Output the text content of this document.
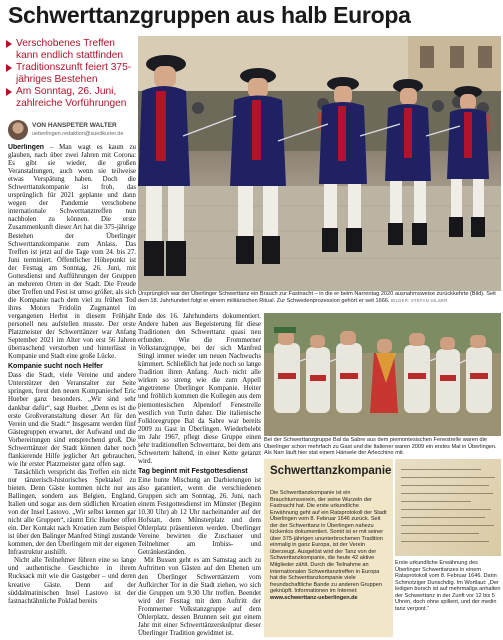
Schwerttanzgruppen aus halb Europa
Verschobenes Treffen kann endlich stattfinden
Traditionszunft feiert 375-jähriges Bestehen
Am Sonntag, 26. Juni, zahlreiche Vorführungen
VON HANSPETER WALTER
ueberlingen.redaktion@suedkurier.de

Überlingen – Man wagt es kaum zu glauben, nach über zwei Jahren mit Corona: Es gibt sie wieder, die großen Veranstaltungen, auch wenn sie teilweise etwas Verspätung haben. Doch die Schwerttanzkompanie ist froh, das ursprünglich für 2021 geplante und dann wegen der Pandemie verschobene internationale Schwerttanztreffen nun nachholen zu können. Die erste Zusammenkunft dieser Art hat die 375-jährige Bestehen der Überlinger Schwerttanzkompanie zum Anlass. Das Treffen ist jetzt auf die Tage vom 24. bis 27. Juni terminiert. Öffentlicher Höhepunkt ist der Festtag am Sonntag, 26. Juni, mit Gottesdienst und Aufführungen der Gruppen an mehreren Orten in der Stadt. Die Freude über Treffen und Fest ist umso größer, als sich die Kompanie nach dem viel zu frühen Tod ihres Motors Fridolin Zugmantel im vergangenen Herbst in diesem Frühjahr personell neu aufstellen musste. Der erste Platzmeister der Schwerttänzer war Anfang September 2021 im Alter von erst 56 Jahren überraschend verstorben und hinterlässt in Kompanie und Stadt eine große Lücke.

Kompanie sucht noch Helfer

Dass die Stadt, viele Vereine und andere Unterstützer den Veranstalter zur Seite springen, freut den neuen Kompaniechef Eric Hueber ganz besonders. „Wir sind sehr dankbar dafür“, sagt Hueber. „Denn es ist die erste Großveranstaltung dieser Art für den Verein und die Stadt.“ Insgesamt werden fünf Gästegruppen erwartet, der Aufwand und die Vorbereitungen sind entsprechend groß. Die Schwerttänzer der Stadt können daher noch flankierende Hilfe jeglicher Art gebrauchen, wie ihr erster Platzmeister ganz offen sagt.

Tatsächlich verspricht das Treffen ein nicht nur tänzerisch-historisches Spektakel zu bieten. Denn Gäste kommen nicht nur aus Ballingen, sondern aus Belgien, England, Italien und sogar aus dem südlichen Kroatien von der Insel Lastovo. „Wir selbst kennen gar nicht alle Gruppen“, räumt Eric Hueber offen ein. Der Kontakt nach Kroatien zum Beispiel ist über den Balinger Manfred Stingl zustande kommen, der den Überlingern mit der eigenen Infrastruktur aushilft.

Nicht alle Teilnehmer führen eine so lange und authentische Geschichte in ihrem Rucksack mit wie die Gastgeber – und deren kreative Gäste. Denn auf der süddalmatinischen Insel Lastovo ist der fastnachtähnliche Poklad bereits

Ursprünglich war der Überlinger Schwerttanz ein Brauch zur Fastnacht – in die er beim Narrentag 2020 ausnahmsweise zurückkehrte (Bild). Seit dem 18. Jahrhundert folgt er einem militärischen Ritual. Zur Schwedenprozession gehört er seit 1666. BILDER: STEFAN HILSER

Ende des 16. Jahrhunderts dokumentiert. Andere haben aus Begeisterung für diese Traditionen den Schwerttanz quasi neu erfunden. Wie die Frommerner Volkstanzgruppe, bei der sich Manfred Stingl immer wieder um neuen Nachwuchs kümmert. Schließlich hat jede noch so lange Tradition ihren Anfang. Auch nicht alle wirken so streng wie die zum Appell angetretene Überlinger Kompanie. Heiter und fröhlich kommen die Kollegen aus dem piemontesischen Alpendorf Fenestrelle westlich von Turin daher. Die italienische Folkloregruppe Bal da Sabre war bereits 2009 zu Gast in Überlingen. Wiederbelebt im Jahr 1967, pflegt diese Gruppe einen sehr traditionellen Schwerttanz, bei dem ans Schwertern haltend, in einer Kette getanzt wird.

Tag beginnt mit Festgottesdienst

Eine bunte Mischung an Darbietungen ist also garantiert, wenn die verschiedenen Gruppen sich am Sonntag, 26. Juni, nach einem Festgottesdienst im Münster (Beginn 10.30 Uhr) ab 12 Uhr nacheinander auf der Hofstatt, dem Münsterplatz und dem Öhlerplatz präsentieren werden. Überlinger Vereine bewirten die Zuschauer und Teilnehmer am Imbiss- und Getränkeständen.

Mit Bussen geht es am Samstag auch zu Auftritten von Gästen auf den Ebenen um den Überlinger Schwerttänzern vom Aufkircher Tor in die Stadt ziehen, wo sich die Gruppen um 9.30 Uhr treffen. Beendet wird der Festtag mit dem Auftritt der Frommerner Volkstanzgruppe auf dem Öhlerplatz, dessen Brunnen seit gut einem Jahr mit einer Schwerttänzerskulptur dieser Überlinger Tradition gewidmet ist.

Bei der Schwerttanzgruppe Bal da Sabre aus dem piemontesischen Fenestrelle waren die Überlinger schon mehrfach zu Gast und die Italiener waren 2009 ein erstes Mal in Überlingen. Als Narr läuft hier stat einem Hänsele der Arlecchino mit.
Schwerttanzkompanie
Die Schwerttanzkompanie ist ein Brauchtumsverein, der seine Wurzeln der Fastnacht hat. Die erste urkundliche Erwähnung geht auf ein Ratsprotokoll der Stadt Überlingen vom 8. Februar 1646 zurück. Seit der der Schwerttanz in Überlingen nahezu lückenlos dokumentiert. Somit ist er mit seiner über 375-jährigen ununterbrochenen Tradition einmalig in ganz Europa, ist der Verein überzeugt. Ausgelöst wird der Tanz von der Schwerttanzkompanie, die heute 42 aktive Mitglieder zählt. Durch die Teilnahme an internationalen Schwerttanztreffen in Europa hat die Schwerttanzkompanie viele freundschaftliche Bande zu anderen Gruppen geknüpft. Informationen im Internet: www.schwerttanz-ueberlingen.de
Erste urkundliche Erwähnung des Überlinger Schwerttanzes in einem Ratsprotokoll vom 8. Februar 1646. Darin Schmotziger Dunschdig. Im Wortlaut: „Der ledigen bursch ist auf mehrmaligs anhalten der Schwerttanz in der Zunft vor 12 bis 5 Uhren, doch ohne spillent, und der medin tanz vergont.“
